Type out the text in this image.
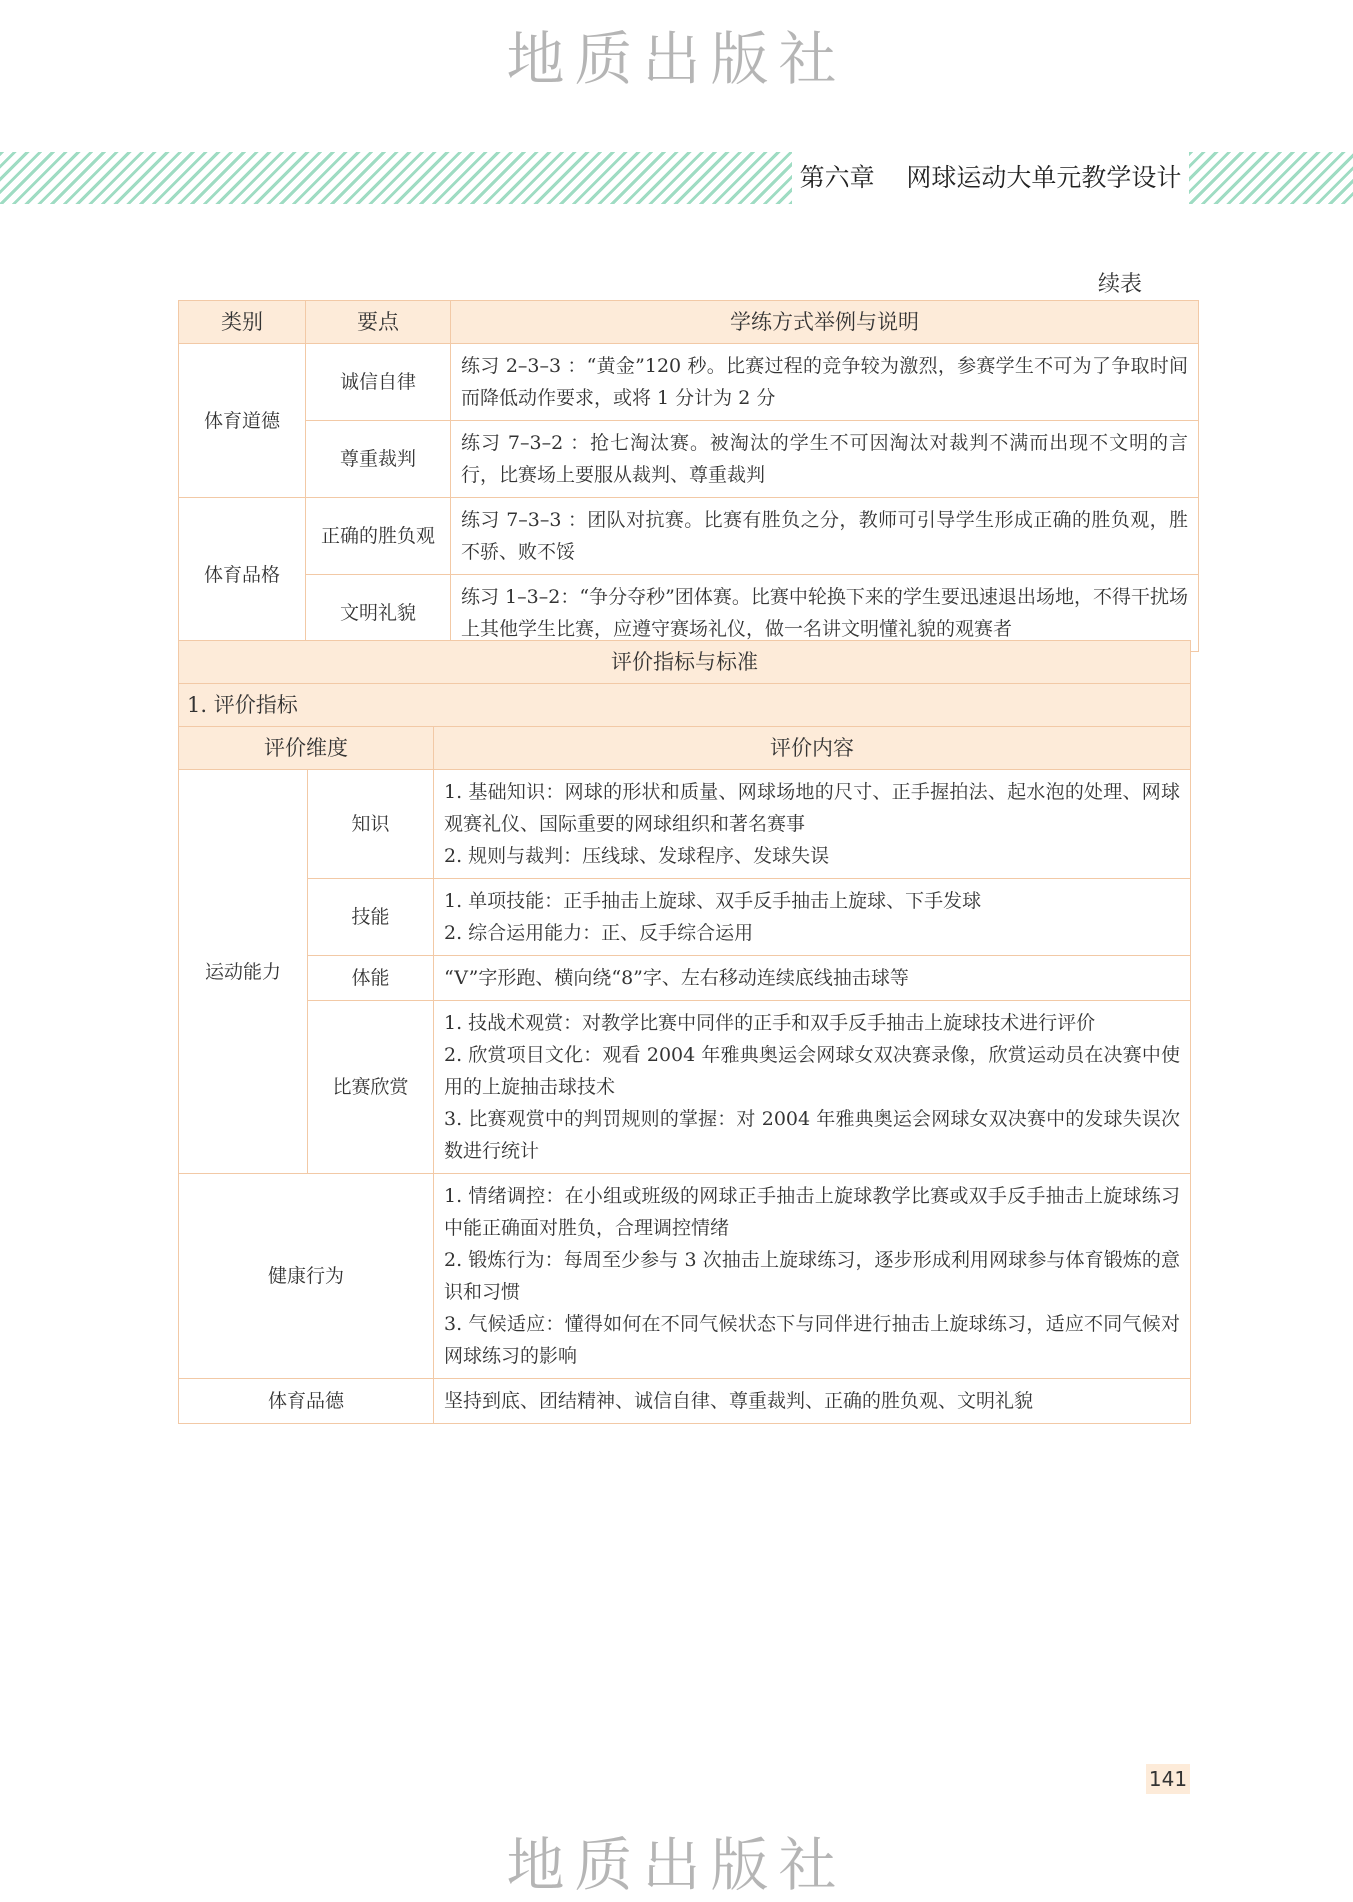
地质出版社
第六章    网球运动大单元教学设计
续表
类别	要点	学练方式举例与说明
体育道德	诚信自律	练习 2–3–3 ：“黄金”120 秒。比赛过程的竞争较为激烈，参赛学生不可为了争取时间而降低动作要求，或将 1 分计为 2 分
	尊重裁判	练习 7–3–2 ：抢七淘汰赛。被淘汰的学生不可因淘汰对裁判不满而出现不文明的言行，比赛场上要服从裁判、尊重裁判
体育品格	正确的胜负观	练习 7–3–3 ：团队对抗赛。比赛有胜负之分，教师可引导学生形成正确的胜负观，胜不骄、败不馁
	文明礼貌	练习 1–3–2：“争分夺秒”团体赛。比赛中轮换下来的学生要迅速退出场地，不得干扰场上其他学生比赛，应遵守赛场礼仪，做一名讲文明懂礼貌的观赛者
评价指标与标准		
1. 评价指标		
评价维度		评价内容
运动能力	知识	1. 基础知识：网球的形状和质量、网球场地的尺寸、正手握拍法、起水泡的处理、网球观赛礼仪、国际重要的网球组织和著名赛事
2. 规则与裁判：压线球、发球程序、发球失误

	技能	1. 单项技能：正手抽击上旋球、双手反手抽击上旋球、下手发球
2. 综合运用能力：正、反手综合运用

	体能	“V”字形跑、横向绕“8”字、左右移动连续底线抽击球等

	比赛欣赏	1. 技战术观赏：对教学比赛中同伴的正手和双手反手抽击上旋球技术进行评价
2. 欣赏项目文化：观看 2004 年雅典奥运会网球女双决赛录像，欣赏运动员在决赛中使用的上旋抽击球技术
3. 比赛观赏中的判罚规则的掌握：对 2004 年雅典奥运会网球女双决赛中的发球失误次数进行统计

健康行为		1. 情绪调控：在小组或班级的网球正手抽击上旋球教学比赛或双手反手抽击上旋球练习中能正确面对胜负，合理调控情绪
2. 锻炼行为：每周至少参与 3 次抽击上旋球练习，逐步形成利用网球参与体育锻炼的意识和习惯
3. 气候适应：懂得如何在不同气候状态下与同伴进行抽击上旋球练习，适应不同气候对网球练习的影响

体育品德		坚持到底、团结精神、诚信自律、尊重裁判、正确的胜负观、文明礼貌
141
地质出版社
